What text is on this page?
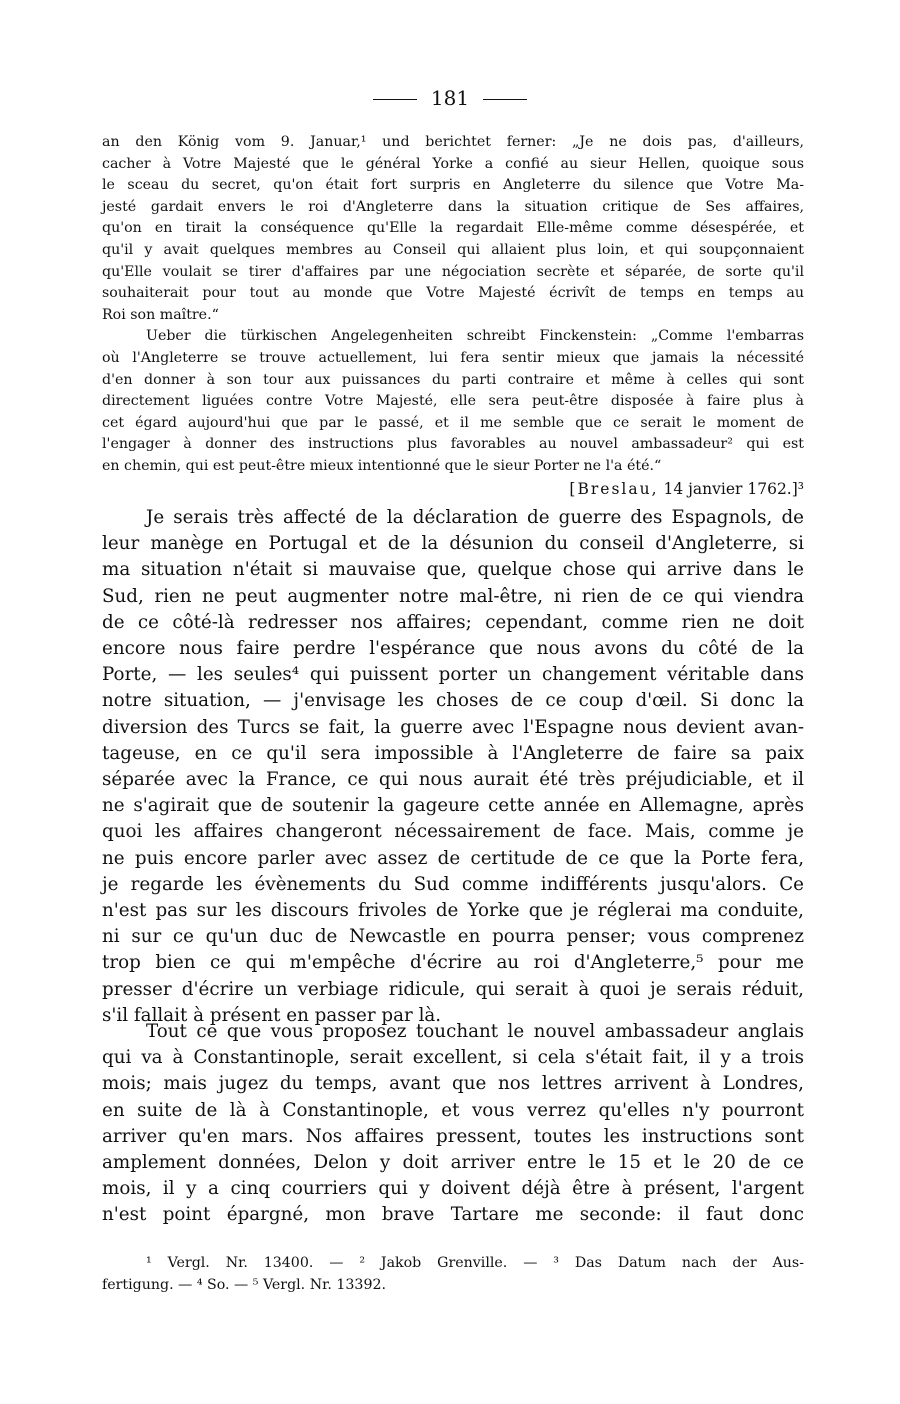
181
an den König vom 9. Januar,¹ und berichtet ferner: „Je ne dois pas, d'ailleurs,
cacher à Votre Majesté que le général Yorke a confié au sieur Hellen, quoique sous
le sceau du secret, qu'on était fort surpris en Angleterre du silence que Votre Ma-
jesté gardait envers le roi d'Angleterre dans la situation critique de Ses affaires,
qu'on en tirait la conséquence qu'Elle la regardait Elle-même comme désespérée, et
qu'il y avait quelques membres au Conseil qui allaient plus loin, et qui soupçonnaient
qu'Elle voulait se tirer d'affaires par une négociation secrète et séparée, de sorte qu'il
souhaiterait pour tout au monde que Votre Majesté écrivît de temps en temps au
Roi son maître.“
Ueber die türkischen Angelegenheiten schreibt Finckenstein: „Comme l'embarras
où l'Angleterre se trouve actuellement, lui fera sentir mieux que jamais la nécessité
d'en donner à son tour aux puissances du parti contraire et même à celles qui sont
directement liguées contre Votre Majesté, elle sera peut-être disposée à faire plus à
cet égard aujourd'hui que par le passé, et il me semble que ce serait le moment de
l'engager à donner des instructions plus favorables au nouvel ambassadeur² qui est
en chemin, qui est peut-être mieux intentionné que le sieur Porter ne l'a été.“
[Breslau, 14 janvier 1762.]³
Je serais très affecté de la déclaration de guerre des Espagnols, de
leur manège en Portugal et de la désunion du conseil d'Angleterre, si
ma situation n'était si mauvaise que, quelque chose qui arrive dans le
Sud, rien ne peut augmenter notre mal-être, ni rien de ce qui viendra
de ce côté-là redresser nos affaires; cependant, comme rien ne doit
encore nous faire perdre l'espérance que nous avons du côté de la
Porte, — les seules⁴ qui puissent porter un changement véritable dans
notre situation, — j'envisage les choses de ce coup d'œil. Si donc la
diversion des Turcs se fait, la guerre avec l'Espagne nous devient avan-
tageuse, en ce qu'il sera impossible à l'Angleterre de faire sa paix
séparée avec la France, ce qui nous aurait été très préjudiciable, et il
ne s'agirait que de soutenir la gageure cette année en Allemagne, après
quoi les affaires changeront nécessairement de face. Mais, comme je
ne puis encore parler avec assez de certitude de ce que la Porte fera,
je regarde les évènements du Sud comme indifférents jusqu'alors. Ce
n'est pas sur les discours frivoles de Yorke que je réglerai ma conduite,
ni sur ce qu'un duc de Newcastle en pourra penser; vous comprenez
trop bien ce qui m'empêche d'écrire au roi d'Angleterre,⁵ pour me
presser d'écrire un verbiage ridicule, qui serait à quoi je serais réduit,
s'il fallait à présent en passer par là.
Tout ce que vous proposez touchant le nouvel ambassadeur anglais
qui va à Constantinople, serait excellent, si cela s'était fait, il y a trois
mois; mais jugez du temps, avant que nos lettres arrivent à Londres,
en suite de là à Constantinople, et vous verrez qu'elles n'y pourront
arriver qu'en mars. Nos affaires pressent, toutes les instructions sont
amplement données, Delon y doit arriver entre le 15 et le 20 de ce
mois, il y a cinq courriers qui y doivent déjà être à présent, l'argent
n'est point épargné, mon brave Tartare me seconde: il faut donc
¹ Vergl. Nr. 13400. — ² Jakob Grenville. — ³ Das Datum nach der Aus-
fertigung. — ⁴ So. — ⁵ Vergl. Nr. 13392.
